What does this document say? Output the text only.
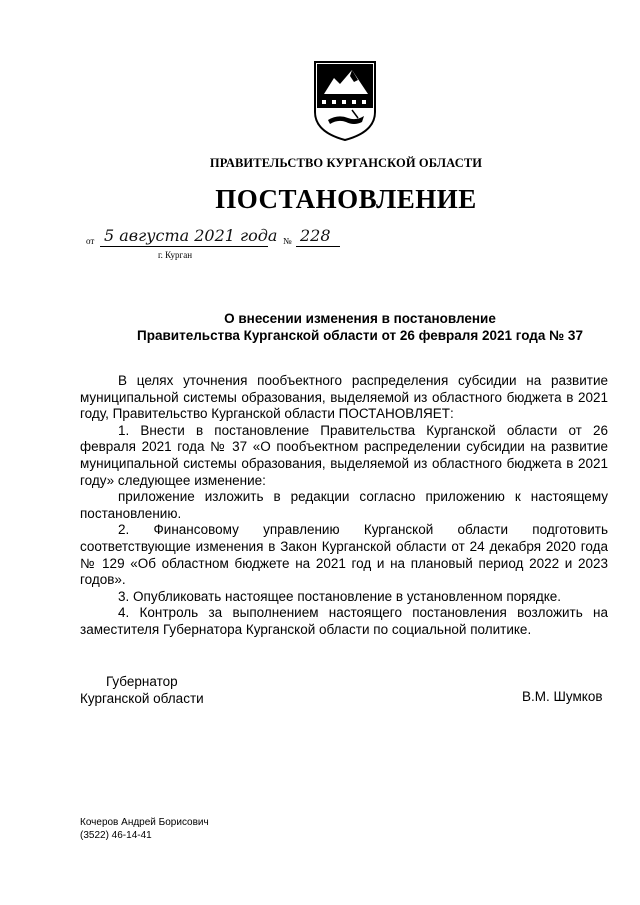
ПРАВИТЕЛЬСТВО КУРГАНСКОЙ ОБЛАСТИ
ПОСТАНОВЛЕНИЕ
от 5 августа 2021 года № 228
г. Курган
О внесении изменения в постановление
Правительства Курганской области от 26 февраля 2021 года № 37

В целях уточнения пообъектного распределения субсидии на развитие муниципальной системы образования, выделяемой из областного бюджета в 2021 году, Правительство Курганской области ПОСТАНОВЛЯЕТ:

1. Внести в постановление Правительства Курганской области от 26 февраля 2021 года № 37 «О пообъектном распределении субсидии на развитие муниципальной системы образования, выделяемой из областного бюджета в 2021 году» следующее изменение:

приложение изложить в редакции согласно приложению к настоящему постановлению.

2. Финансовому управлению Курганской области подготовить соответствующие изменения в Закон Курганской области от 24 декабря 2020 года № 129 «Об областном бюджете на 2021 год и на плановый период 2022 и 2023 годов».

3. Опубликовать настоящее постановление в установленном порядке.

4. Контроль за выполнением настоящего постановления возложить на заместителя Губернатора Курганской области по социальной политике.

Губернатор
Курганской области	В.М. Шумков
Кочеров Андрей Борисович
(3522) 46-14-41
